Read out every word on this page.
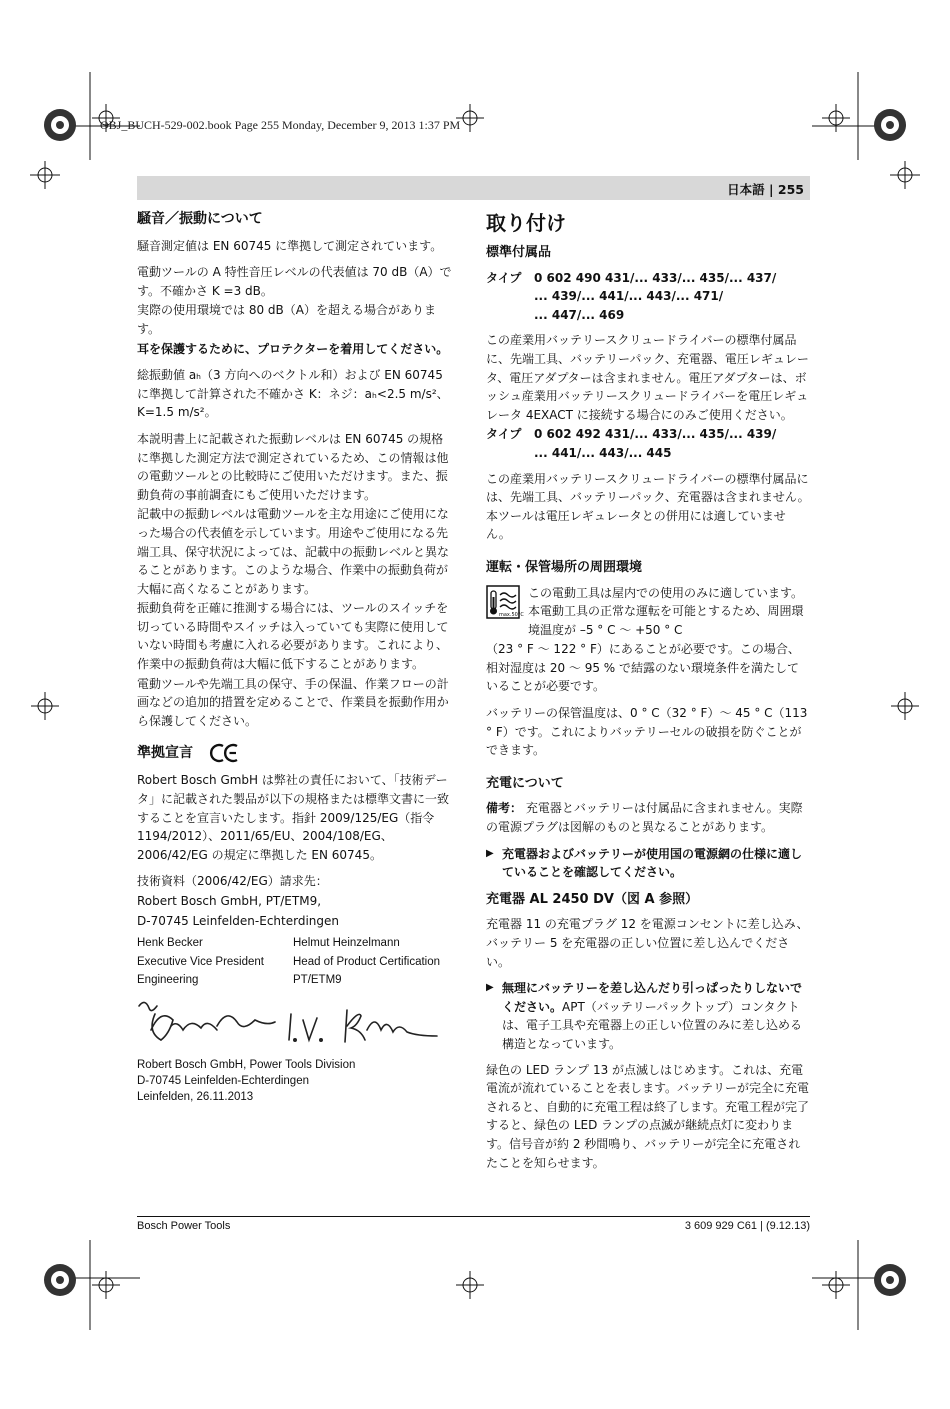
OBJ_BUCH-529-002.book Page 255 Monday, December 9, 2013 1:37 PM
日本語 | 255
騒音／振動について

騒音測定値は EN 60745 に準拠して測定されています。

電動ツールの A 特性音圧レベルの代表値は 70 dB（A）です。不確かさ K =3 dB。

実際の使用環境では 80 dB（A）を超える場合があります。

耳を保護するために、プロテクターを着用してください。

総振動値 aₕ（3 方向へのベクトル和）および EN 60745 に準拠して計算された不確かさ K：ネジ：aₕ<2.5 m/s²、K=1.5 m/s²。

本説明書上に記載された振動レベルは EN 60745 の規格に準拠した測定方法で測定されているため、この情報は他の電動ツールとの比較時にご使用いただけます。また、振動負荷の事前調査にもご使用いただけます。

記載中の振動レベルは電動ツールを主な用途にご使用になった場合の代表値を示しています。用途やご使用になる先端工具、保守状況によっては、記載中の振動レベルと異なることがあります。このような場合、作業中の振動負荷が大幅に高くなることがあります。

振動負荷を正確に推測する場合には、ツールのスイッチを切っている時間やスイッチは入っていても実際に使用していない時間も考慮に入れる必要があります。これにより、作業中の振動負荷は大幅に低下することがあります。

電動ツールや先端工具の保守、手の保温、作業フローの計画などの追加的措置を定めることで、作業員を振動作用から保護してください。

準拠宣言

Robert Bosch GmbH は弊社の責任において、「技術データ」に記載された製品が以下の規格または標準文書に一致することを宣言いたします。指針 2009/125/EG（指令 1194/2012）、2011/65/EU、2004/108/EG、2006/42/EG の規定に準拠した EN 60745。

技術資料（2006/42/EG）請求先：

Robert Bosch GmbH, PT/ETM9,

D-70745 Leinfelden-Echterdingen

Henk Becker	Helmut Heinzelmann
Executive Vice President	Head of Product Certification
Engineering	PT/ETM9
Robert Bosch GmbH, Power Tools Division
D-70745 Leinfelden-Echterdingen
Leinfelden, 26.11.2013
取り付け
標準付属品
タイプ	0 602 490 431/... 433/... 435/... 437/
... 439/... 441/... 443/... 471/
... 447/... 469

この産業用バッテリースクリュードライバーの標準付属品に、先端工具、バッテリーパック、充電器、電圧レギュレータ、電圧アダプターは含まれません。電圧アダプターは、ボッシュ産業用バッテリースクリュードライバーを電圧レギュレータ 4EXACT に接続する場合にのみご使用ください。

タイプ	0 602 492 431/... 433/... 435/... 439/
... 441/... 443/... 445

この産業用バッテリースクリュードライバーの標準付属品には、先端工具、バッテリーパック、充電器は含まれません。本ツールは電圧レギュレータとの併用には適していません。

運転・保管場所の周囲環境
max.50°C

この電動工具は屋内での使用のみに適しています。本電動工具の正常な運転を可能とするため、周囲環境温度が –5 ° C ～ +50 ° C

（23 ° F ～ 122 ° F）にあることが必要です。この場合、相対湿度は 20 ～ 95 % で結露のない環境条件を満たしていることが必要です。

バッテリーの保管温度は、0 ° C（32 ° F）～ 45 ° C（113 ° F）です。これによりバッテリーセルの破損を防ぐことができます。

充電について

備考： 充電器とバッテリーは付属品に含まれません。実際の電源プラグは図解のものと異なることがあります。

▶ 充電器およびバッテリーが使用国の電源網の仕様に適していることを確認してください。
充電器 AL 2450 DV（図 A 参照）

充電器 11 の充電プラグ 12 を電源コンセントに差し込み、バッテリー 5 を充電器の正しい位置に差し込んでください。

▶ 無理にバッテリーを差し込んだり引っぱったりしないでください。APT（バッテリーパックトップ）コンタクトは、電子工具や充電器上の正しい位置のみに差し込める構造となっています。

緑色の LED ランプ 13 が点滅しはじめます。これは、充電電流が流れていることを表します。バッテリーが完全に充電されると、自動的に充電工程は終了します。充電工程が完了すると、緑色の LED ランプの点滅が継続点灯に変わります。信号音が約 2 秒間鳴り、バッテリーが完全に充電されたことを知らせます。

Bosch Power Tools	3 609 929 C61 | (9.12.13)
